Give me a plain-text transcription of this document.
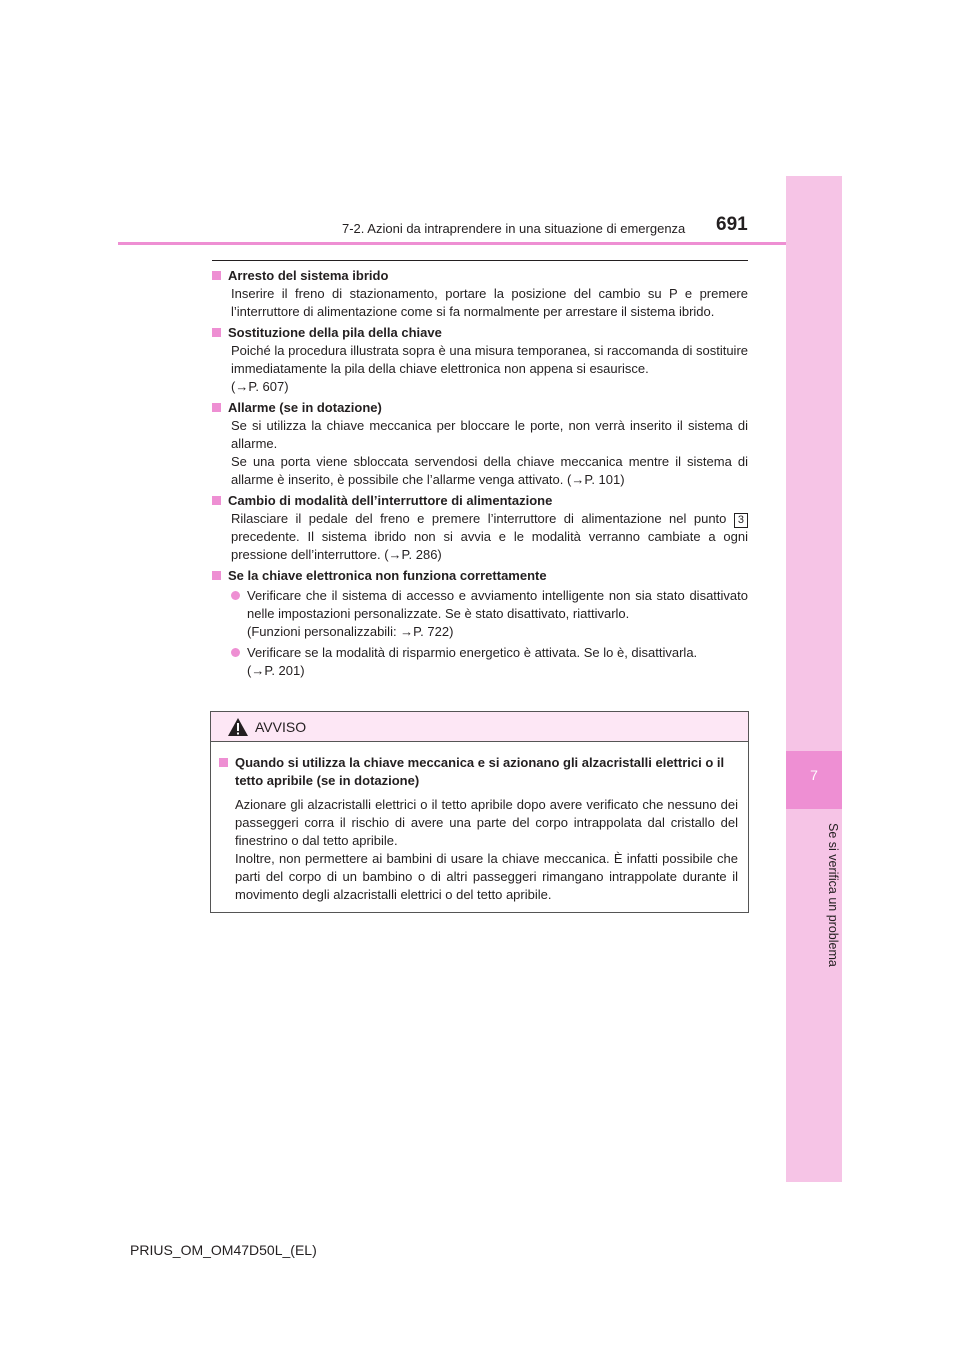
7
Se si verifica un problema
7-2. Azioni da intraprendere in una situazione di emergenza 691
Arresto del sistema ibrido
Inserire il freno di stazionamento, portare la posizione del cambio su P e premere l’interruttore di alimentazione come si fa normalmente per arrestare il sistema ibrido.
Sostituzione della pila della chiave
Poiché la procedura illustrata sopra è una misura temporanea, si raccomanda di sostituire immediatamente la pila della chiave elettronica non appena si esaurisce.
(→P. 607)
Allarme (se in dotazione)
Se si utilizza la chiave meccanica per bloccare le porte, non verrà inserito il sistema di allarme.
Se una porta viene sbloccata servendosi della chiave meccanica mentre il sistema di allarme è inserito, è possibile che l’allarme venga attivato. (→P. 101)
Cambio di modalità dell’interruttore di alimentazione
Rilasciare il pedale del freno e premere l’interruttore di alimentazione nel punto 3 precedente. Il sistema ibrido non si avvia e le modalità verranno cambiate a ogni pressione dell’interruttore. (→P. 286)
Se la chiave elettronica non funziona correttamente
Verificare che il sistema di accesso e avviamento intelligente non sia stato disattivato nelle impostazioni personalizzate. Se è stato disattivato, riattivarlo.
(Funzioni personalizzabili: →P. 722)
Verificare se la modalità di risparmio energetico è attivata. Se lo è, disattivarla.
(→P. 201)
AVVISO
Quando si utilizza la chiave meccanica e si azionano gli alzacristalli elettrici o il tetto apribile (se in dotazione)
Azionare gli alzacristalli elettrici o il tetto apribile dopo avere verificato che nessuno dei passeggeri corra il rischio di avere una parte del corpo intrappolata dal cristallo del finestrino o dal tetto apribile.
Inoltre, non permettere ai bambini di usare la chiave meccanica. È infatti possibile che parti del corpo di un bambino o di altri passeggeri rimangano intrappolate durante il movimento degli alzacristalli elettrici o del tetto apribile.
PRIUS_OM_OM47D50L_(EL)
